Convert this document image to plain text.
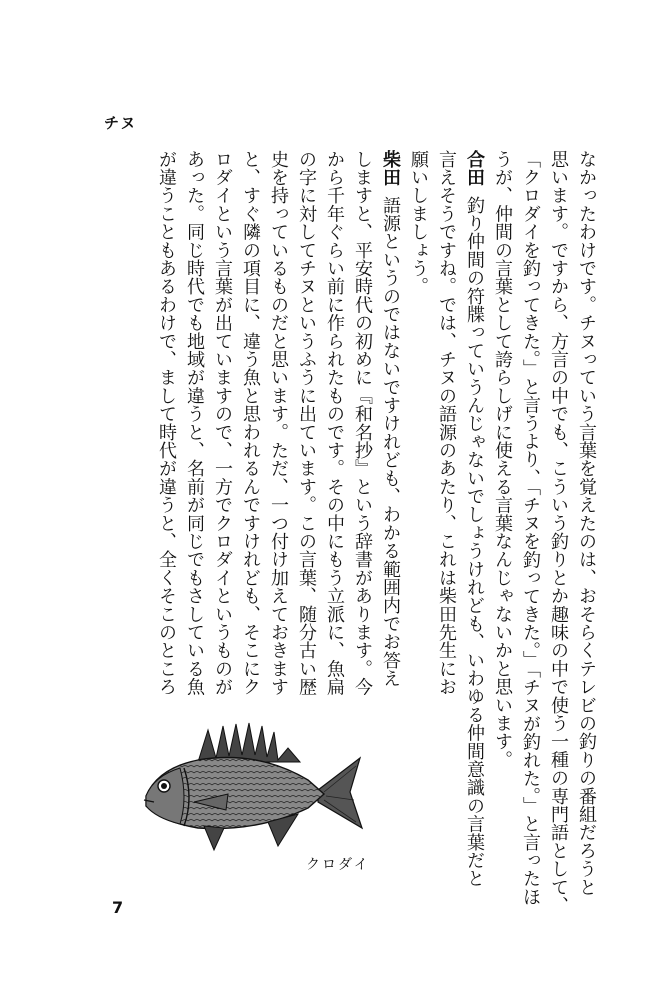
チヌ
思います。ですから、方言の中でも、こういう釣りとか趣味の中で使う一種の専門語として、
「クロダイを釣ってきた。」と言うより、「チヌを釣ってきた。」「チヌが釣れた。」と言ったほ
うが、仲間の言葉として誇らしげに使える言葉なんじゃないかと思います。
合田釣り仲間の符牒っていうんじゃないでしょうけれども、いわゆる仲間意識の言葉だと
言えそうですね。では、チヌの語源のあたり、これは柴田先生にお
願いしましょう。
柴田語源というのではないですけれども、わかる範囲内でお答え
しますと、平安時代の初めに『和名抄』という辞書があります。今
から千年ぐらい前に作られたものです。その中にもう立派に、魚扁
の字に対してチヌというふうに出ています。この言葉、随分古い歴
史を持っているものだと思います。ただ、一つ付け加えておきます
と、すぐ隣の項目に、違う魚と思われるんですけれども、そこにク
ロダイという言葉が出ていますので、一方でクロダイというものが
あった。同じ時代でも地域が違うと、名前が同じでもさしている魚
が違うこともあるわけで、まして時代が違うと、全くそこのところ	なかったわけです。チヌっていう言葉を覚えたのは、おそらくテレビの釣りの番組だろうと
クロダイ
7
